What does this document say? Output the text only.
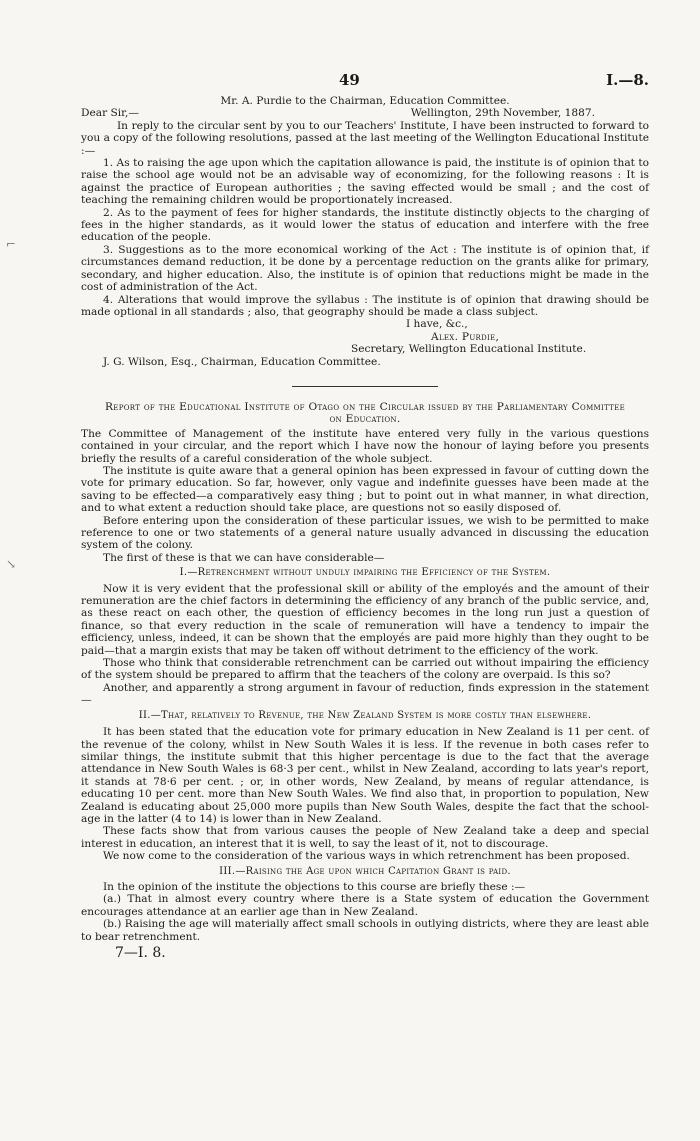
⌐
↘
49	I.—8.

Mr. A. Purdie to the Chairman, Education Committee.

Dear Sir,—	Wellington, 29th November, 1887.

In reply to the circular sent by you to our Teachers' Institute, I have been instructed to forward to you a copy of the following resolutions, passed at the last meeting of the Wellington Educational Institute :—

1. As to raising the age upon which the capitation allowance is paid, the institute is of opinion that to raise the school age would not be an advisable way of economizing, for the following reasons : It is against the practice of European authorities ; the saving effected would be small ; and the cost of teaching the remaining children would be proportionately increased.

2. As to the payment of fees for higher standards, the institute distinctly objects to the charging of fees in the higher standards, as it would lower the status of education and interfere with the free education of the people.

3. Suggestions as to the more economical working of the Act : The institute is of opinion that, if circumstances demand reduction, it be done by a percentage reduction on the grants alike for primary, secondary, and higher education. Also, the institute is of opinion that reductions might be made in the cost of administration of the Act.

4. Alterations that would improve the syllabus : The institute is of opinion that drawing should be made optional in all standards ; also, that geography should be made a class subject.

I have, &c.,

Alex. Purdie,

Secretary, Wellington Educational Institute.

J. G. Wilson, Esq., Chairman, Education Committee.

Report of the Educational Institute of Otago on the Circular issued by the Parliamentary Committee on Education.

The Committee of Management of the institute have entered very fully in the various questions contained in your circular, and the report which I have now the honour of laying before you presents briefly the results of a careful consideration of the whole subject.

The institute is quite aware that a general opinion has been expressed in favour of cutting down the vote for primary education. So far, however, only vague and indefinite guesses have been made at the saving to be effected—a comparatively easy thing ; but to point out in what manner, in what direction, and to what extent a reduction should take place, are questions not so easily disposed of.

Before entering upon the consideration of these particular issues, we wish to be permitted to make reference to one or two statements of a general nature usually advanced in discussing the education system of the colony.

The first of these is that we can have considerable—

I.—Retrenchment without unduly impairing the Efficiency of the System.

Now it is very evident that the professional skill or ability of the employés and the amount of their remuneration are the chief factors in determining the efficiency of any branch of the public service, and, as these react on each other, the question of efficiency becomes in the long run just a question of finance, so that every reduction in the scale of remuneration will have a tendency to impair the efficiency, unless, indeed, it can be shown that the employés are paid more highly than they ought to be paid—that a margin exists that may be taken off without detriment to the efficiency of the work.

Those who think that considerable retrenchment can be carried out without impairing the efficiency of the system should be prepared to affirm that the teachers of the colony are overpaid. Is this so?

Another, and apparently a strong argument in favour of reduction, finds expression in the statement—

II.—That, relatively to Revenue, the New Zealand System is more costly than elsewhere.

It has been stated that the education vote for primary education in New Zealand is 11 per cent. of the revenue of the colony, whilst in New South Wales it is less. If the revenue in both cases refer to similar things, the institute submit that this higher percentage is due to the fact that the average attendance in New South Wales is 68·3 per cent., whilst in New Zealand, according to lats year's report, it stands at 78·6 per cent. ; or, in other words, New Zealand, by means of regular attendance, is educating 10 per cent. more than New South Wales. We find also that, in proportion to population, New Zealand is educating about 25,000 more pupils than New South Wales, despite the fact that the school-age in the latter (4 to 14) is lower than in New Zealand.

These facts show that from various causes the people of New Zealand take a deep and special interest in education, an interest that it is well, to say the least of it, not to discourage.

We now come to the consideration of the various ways in which retrenchment has been proposed.

III.—Raising the Age upon which Capitation Grant is paid.

In the opinion of the institute the objections to this course are briefly these :—

(a.) That in almost every country where there is a State system of education the Government encourages attendance at an earlier age than in New Zealand.

(b.) Raising the age will materially affect small schools in outlying districts, where they are least able to bear retrenchment.

7—I. 8.
